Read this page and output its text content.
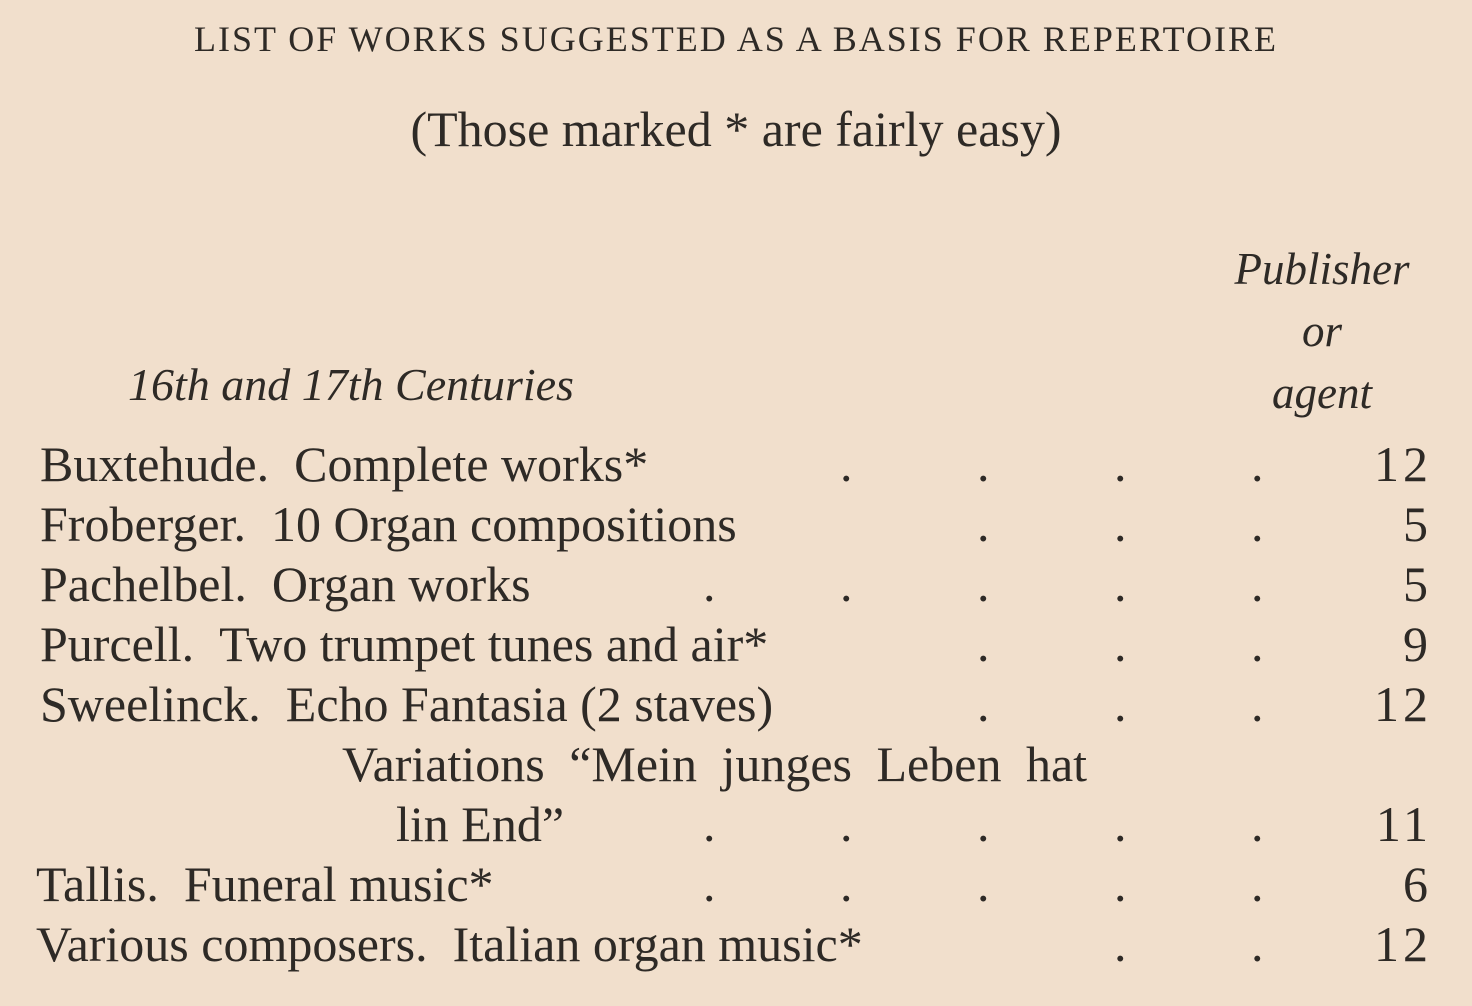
LIST OF WORKS SUGGESTED AS A BASIS FOR REPERTOIRE
(Those marked * are fairly easy)
Publisher
or
agent
16th and 17th Centuries
Buxtehude. Complete works*	. . . . 12
Froberger. 10 Organ compositions	. . .	5
Pachelbel. Organ works	. . . . .	5
Purcell. Two trumpet tunes and air*	. . .	9
Sweelinck. Echo Fantasia (2 staves)	. . . 12
Variations “Mein junges Leben hat
lin End”	. . . . . 11
Tallis. Funeral music*	. . . . .	6
Various composers. Italian organ music*	. . 12
